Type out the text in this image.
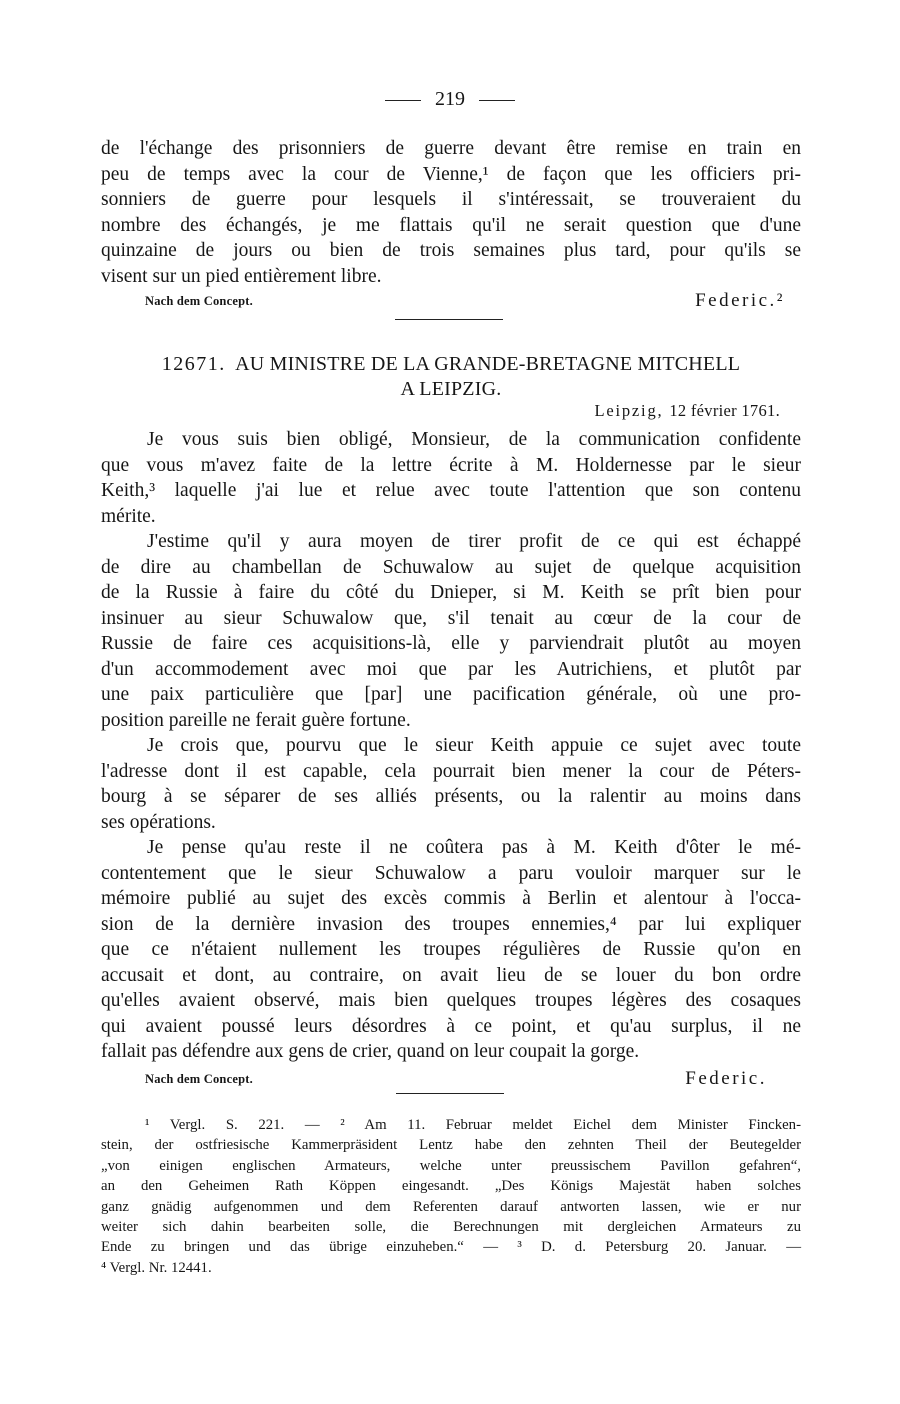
219
de l'échange des prisonniers de guerre devant être remise en train en
peu de temps avec la cour de Vienne,¹ de façon que les officiers pri-
sonniers de guerre pour lesquels il s'intéressait, se trouveraient du
nombre des échangés, je me flattais qu'il ne serait question que d'une
quinzaine de jours ou bien de trois semaines plus tard, pour qu'ils se
visent sur un pied entièrement libre.
Nach dem Concept.	Federic.²
12671. AU MINISTRE DE LA GRANDE-BRETAGNE MITCHELL
A LEIPZIG.
Leipzig, 12 février 1761.
Je vous suis bien obligé, Monsieur, de la communication confidente
que vous m'avez faite de la lettre écrite à M. Holdernesse par le sieur
Keith,³ laquelle j'ai lue et relue avec toute l'attention que son contenu
mérite.
J'estime qu'il y aura moyen de tirer profit de ce qui est échappé
de dire au chambellan de Schuwalow au sujet de quelque acquisition
de la Russie à faire du côté du Dnieper, si M. Keith se prît bien pour
insinuer au sieur Schuwalow que, s'il tenait au cœur de la cour de
Russie de faire ces acquisitions-là, elle y parviendrait plutôt au moyen
d'un accommodement avec moi que par les Autrichiens, et plutôt par
une paix particulière que [par] une pacification générale, où une pro-
position pareille ne ferait guère fortune.
Je crois que, pourvu que le sieur Keith appuie ce sujet avec toute
l'adresse dont il est capable, cela pourrait bien mener la cour de Péters-
bourg à se séparer de ses alliés présents, ou la ralentir au moins dans
ses opérations.
Je pense qu'au reste il ne coûtera pas à M. Keith d'ôter le mé-
contentement que le sieur Schuwalow a paru vouloir marquer sur le
mémoire publié au sujet des excès commis à Berlin et alentour à l'occa-
sion de la dernière invasion des troupes ennemies,⁴ par lui expliquer
que ce n'étaient nullement les troupes régulières de Russie qu'on en
accusait et dont, au contraire, on avait lieu de se louer du bon ordre
qu'elles avaient observé, mais bien quelques troupes légères des cosaques
qui avaient poussé leurs désordres à ce point, et qu'au surplus, il ne
fallait pas défendre aux gens de crier, quand on leur coupait la gorge.
Nach dem Concept.	Federic.
¹ Vergl. S. 221. — ² Am 11. Februar meldet Eichel dem Minister Fincken-
stein, der ostfriesische Kammerpräsident Lentz habe den zehnten Theil der Beutegelder
„von einigen englischen Armateurs, welche unter preussischem Pavillon gefahren“,
an den Geheimen Rath Köppen eingesandt. „Des Königs Majestät haben solches
ganz gnädig aufgenommen und dem Referenten darauf antworten lassen, wie er nur
weiter sich dahin bearbeiten solle, die Berechnungen mit dergleichen Armateurs zu
Ende zu bringen und das übrige einzuheben.“ — ³ D. d. Petersburg 20. Januar. —
⁴ Vergl. Nr. 12441.
